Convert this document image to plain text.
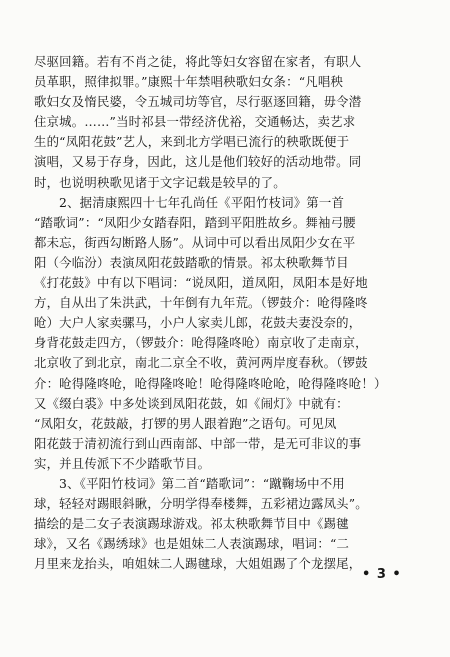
尽驱回籍。若有不肖之徒，将此等妇女容留在家者，有职人
员革职，照律拟罪。”康熙十年禁唱秧歌妇女条：“凡唱秧
歌妇女及惰民婆，令五城司坊等官，尽行驱逐回籍，毋令潜
住京城。……”当时祁县一带经济优裕，交通畅达，卖艺求
生的“凤阳花鼓”艺人，来到北方学唱已流行的秧歌既便于
演唱，又易于存身，因此，这儿是他们较好的活动地带。同
时，也说明秧歌见诸于文字记载是较早的了。
2、据清康熙四十七年孔尚任《平阳竹枝词》第一首
“踏歌词”：“凤阳少女踏春阳，踏到平阳胜故乡。舞袖弓腰
都未忘，街西勾断路人肠”。从词中可以看出凤阳少女在平
阳（今临汾）表演凤阳花鼓踏歌的情景。祁太秧歌舞节目
《打花鼓》中有以下唱词：“说凤阳，道凤阳，凤阳本是好地
方，自从出了朱洪武，十年倒有九年荒。（锣鼓介：呛得隆咚
呛）大户人家卖骡马，小户人家卖儿郎，花鼓夫妻没奈的，
身背花鼓走四方，（锣鼓介：呛得隆咚呛）南京收了走南京，
北京收了到北京，南北二京全不收，黄河两岸度春秋。（锣鼓
介：呛得隆咚呛，呛得隆咚呛！呛得隆咚呛呛，呛得隆咚呛！）
又《缀白裘》中多处谈到凤阳花鼓，如《闹灯》中就有：
“凤阳女，花鼓敲，打锣的男人跟着跑”之语句。可见凤
阳花鼓于清初流行到山西南部、中部一带，是无可非议的事
实，并且传派下不少踏歌节目。
3、《平阳竹枝词》第二首“踏歌词”：“蹴鞠场中不用
球，轻轻对踢眼斜瞅，分明学得奉楼舞，五彩裙边露凤头”。
描绘的是二女子表演踢球游戏。祁太秧歌舞节目中《踢毽
球》，又名《踢绣球》也是姐妹二人表演踢球，唱词：“二
月里来龙抬头，咱姐妹二人踢毽球，大姐姐踢了个龙摆尾，
• 3 •
